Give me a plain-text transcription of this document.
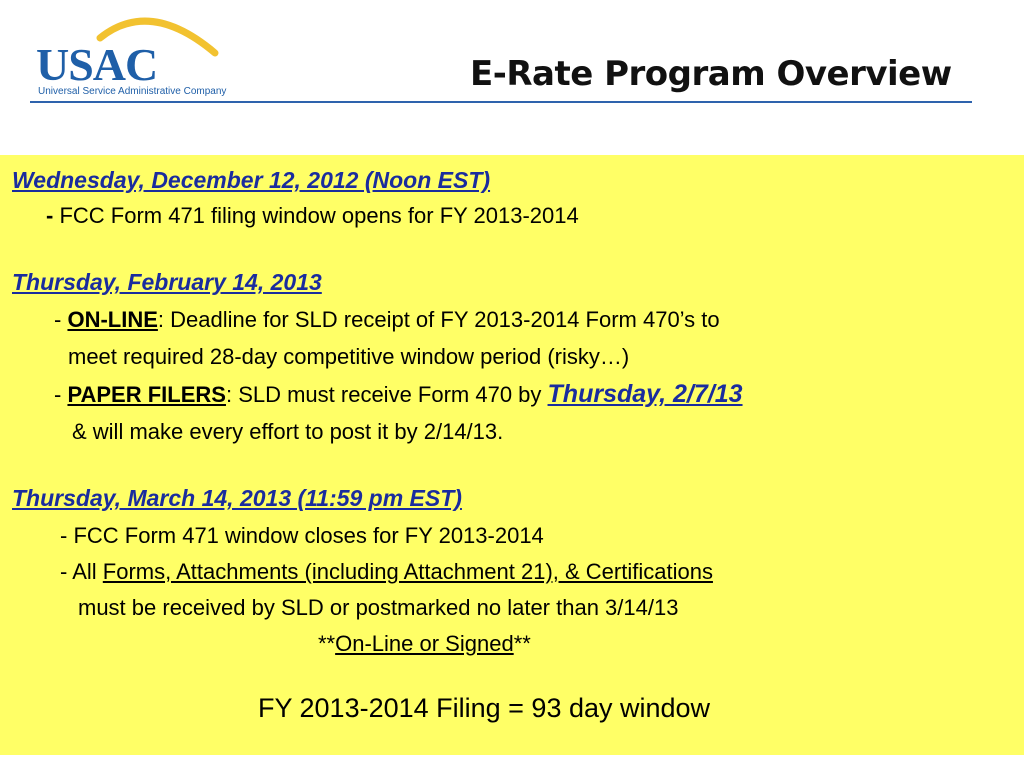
USAC
Universal Service Administrative Company	E-Rate Program Overview
Wednesday, December 12, 2012 (Noon EST)
- FCC Form 471 filing window opens for FY 2013-2014
Thursday, February 14, 2013
- ON-LINE: Deadline for SLD receipt of FY 2013-2014 Form 470’s to
meet required 28-day competitive window period (risky…)
- PAPER FILERS: SLD must receive Form 470 by Thursday, 2/7/13
& will make every effort to post it by 2/14/13.
Thursday, March 14, 2013 (11:59 pm EST)
- FCC Form 471 window closes for FY 2013-2014
- All Forms, Attachments (including Attachment 21), & Certifications
must be received by SLD or postmarked no later than 3/14/13
**On-Line or Signed**
FY 2013-2014 Filing = 93 day window
